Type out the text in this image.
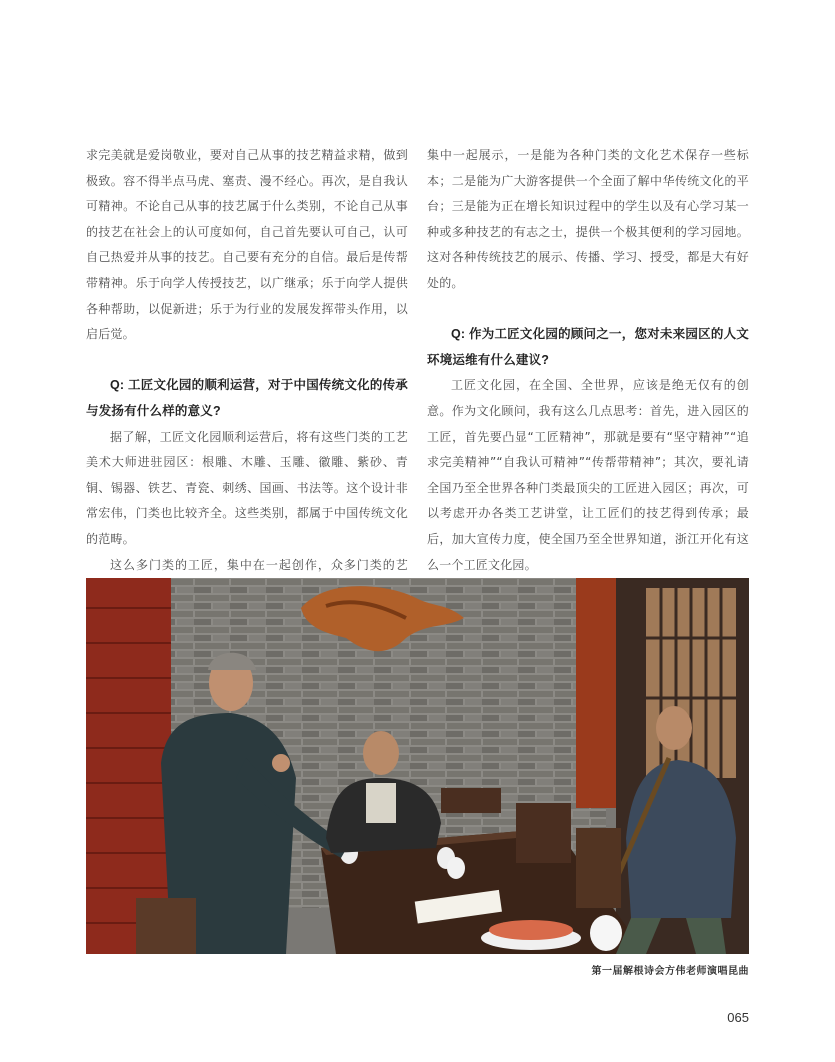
求完美就是爱岗敬业，要对自己从事的技艺精益求精，做到极致。容不得半点马虎、塞责、漫不经心。再次，是自我认可精神。不论自己从事的技艺属于什么类别，不论自己从事的技艺在社会上的认可度如何，自己首先要认可自己，认可自己热爱并从事的技艺。自己要有充分的自信。最后是传帮带精神。乐于向学人传授技艺，以广继承；乐于向学人提供各种帮助，以促新进；乐于为行业的发展发挥带头作用，以启后觉。

Q: 工匠文化园的顺利运营，对于中国传统文化的传承与发扬有什么样的意义?

据了解，工匠文化园顺利运营后，将有这些门类的工艺美术大师进驻园区：根雕、木雕、玉雕、徽雕、紫砂、青铜、锡器、铁艺、青瓷、刺绣、国画、书法等。这个设计非常宏伟，门类也比较齐全。这些类别，都属于中国传统文化的范畴。

这么多门类的工匠，集中在一起创作，众多门类的艺

集中一起展示，一是能为各种门类的文化艺术保存一些标本；二是能为广大游客提供一个全面了解中华传统文化的平台；三是能为正在增长知识过程中的学生以及有心学习某一种或多种技艺的有志之士，提供一个极其便利的学习园地。这对各种传统技艺的展示、传播、学习、授受，都是大有好处的。

Q: 作为工匠文化园的顾问之一，您对未来园区的人文环境运维有什么建议?

工匠文化园，在全国、全世界，应该是绝无仅有的创意。作为文化顾问，我有这么几点思考：首先，进入园区的工匠，首先要凸显“工匠精神”，那就是要有“坚守精神”“追求完美精神”“自我认可精神”“传帮带精神”；其次，要礼请全国乃至全世界各种门类最顶尖的工匠进入园区；再次，可以考虑开办各类工艺讲堂，让工匠们的技艺得到传承；最后，加大宣传力度，使全国乃至全世界知道，浙江开化有这么一个工匠文化园。

第一届解根诗会方伟老师演唱昆曲
065
